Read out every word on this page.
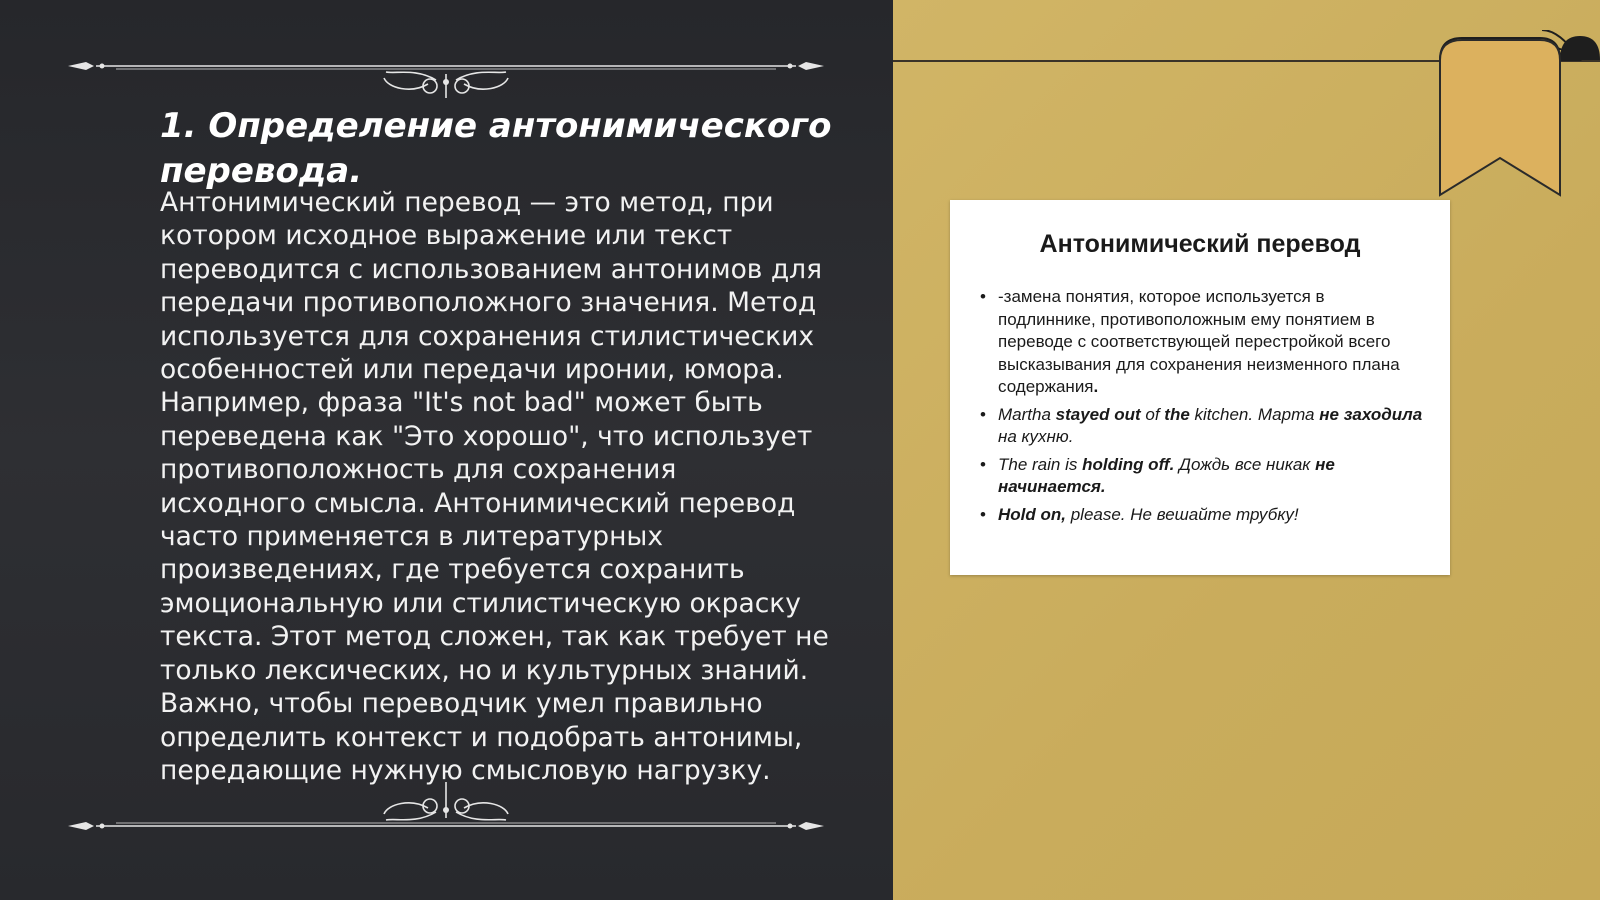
1. Определение антонимического перевода.

Антонимический перевод — это метод, при котором исходное выражение или текст переводится с использованием антонимов для передачи противоположного значения. Метод используется для сохранения стилистических особенностей или передачи иронии, юмора. Например, фраза "It's not bad" может быть переведена как "Это хорошо", что использует противоположность для сохранения исходного смысла. Антонимический перевод часто применяется в литературных произведениях, где требуется сохранить эмоциональную или стилистическую окраску текста. Этот метод сложен, так как требует не только лексических, но и культурных знаний. Важно, чтобы переводчик умел правильно определить контекст и подобрать антонимы, передающие нужную смысловую нагрузку.

Антонимический перевод
• -замена понятия, которое используется в подлиннике, противоположным ему понятием в переводе с соответствующей перестройкой всего высказывания для сохранения неизменного плана содержания.
• Martha stayed out of the kitchen. Марта не заходила на кухню.
• The rain is holding off. Дождь все никак не начинается.
• Hold on, please. Не вешайте трубку!
